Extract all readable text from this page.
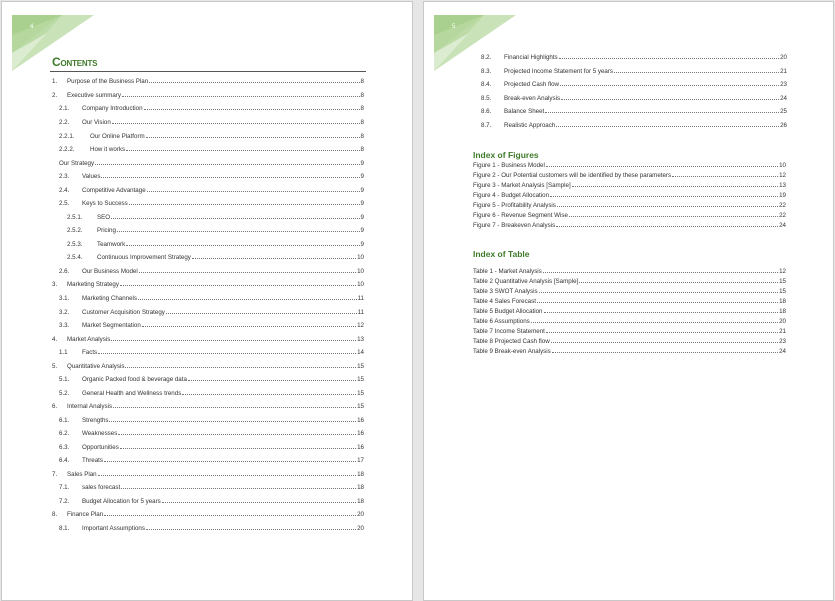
4
Contents
1.	Purpose of the Business Plan	8
2.	Executive summary	8
2.1.	Company Introduction	8
2.2.	Our Vision	8
2.2.1.	Our Online Platform	8
2.2.2.	How it works	8
Our Strategy	9
2.3.	Values	9
2.4.	Competitive Advantage	9
2.5.	Keys to Success	9
2.5.1.	SEO	9
2.5.2.	Pricing	9
2.5.3.	Teamwork	9
2.5.4.	Continuous Improvement Strategy	10
2.6.	Our Business Model	10
3.	Marketing Strategy	10
3.1.	Marketing Channels	11
3.2.	Customer Acquisition Strategy	11
3.3.	Market Segmentation	12
4.	Market Analysis	13
1.1	Facts	14
5.	Quantitative Analysis	15
5.1.	Organic Packed food & beverage data	15
5.2.	General Health and Wellness trends	15
6.	Internal Analysis	15
6.1.	Strengths	16
6.2.	Weaknesses	16
6.3.	Opportunities	16
6.4.	Threats	17
7.	Sales Plan	18
7.1.	sales forecast	18
7.2.	Budget Allocation for 5 years	18
8.	Finance Plan	20
8.1.	Important Assumptions	20
5
8.2.	Financial Highlights	20
8.3.	Projected Income Statement for 5 years	21
8.4.	Projected Cash flow	23
8.5.	Break-even Analysis	24
8.6.	Balance Sheet	25
8.7.	Realistic Approach	26
Index of Figures
Figure 1 - Business Model	10
Figure 2 - Our Potential customers will be identified by these parameters	12
Figure 3 - Market Analysis [Sample]	13
Figure 4 - Budget Allocation	19
Figure 5 - Profitability Analysis	22
Figure 6 - Revenue Segment Wise	22
Figure 7 - Breakeven Analysis	24
Index of Table
Table 1 - Market Analysis	12
Table 2 Quantitative Analysis [Sample]	15
Table 3 SWOT Analysis	15
Table 4 Sales Forecast	18
Table 5 Budget Allocation	18
Table 6 Assumptions	20
Table 7 Income Statement	21
Table 8 Projected Cash flow	23
Table 9 Break-even Analysis	24
